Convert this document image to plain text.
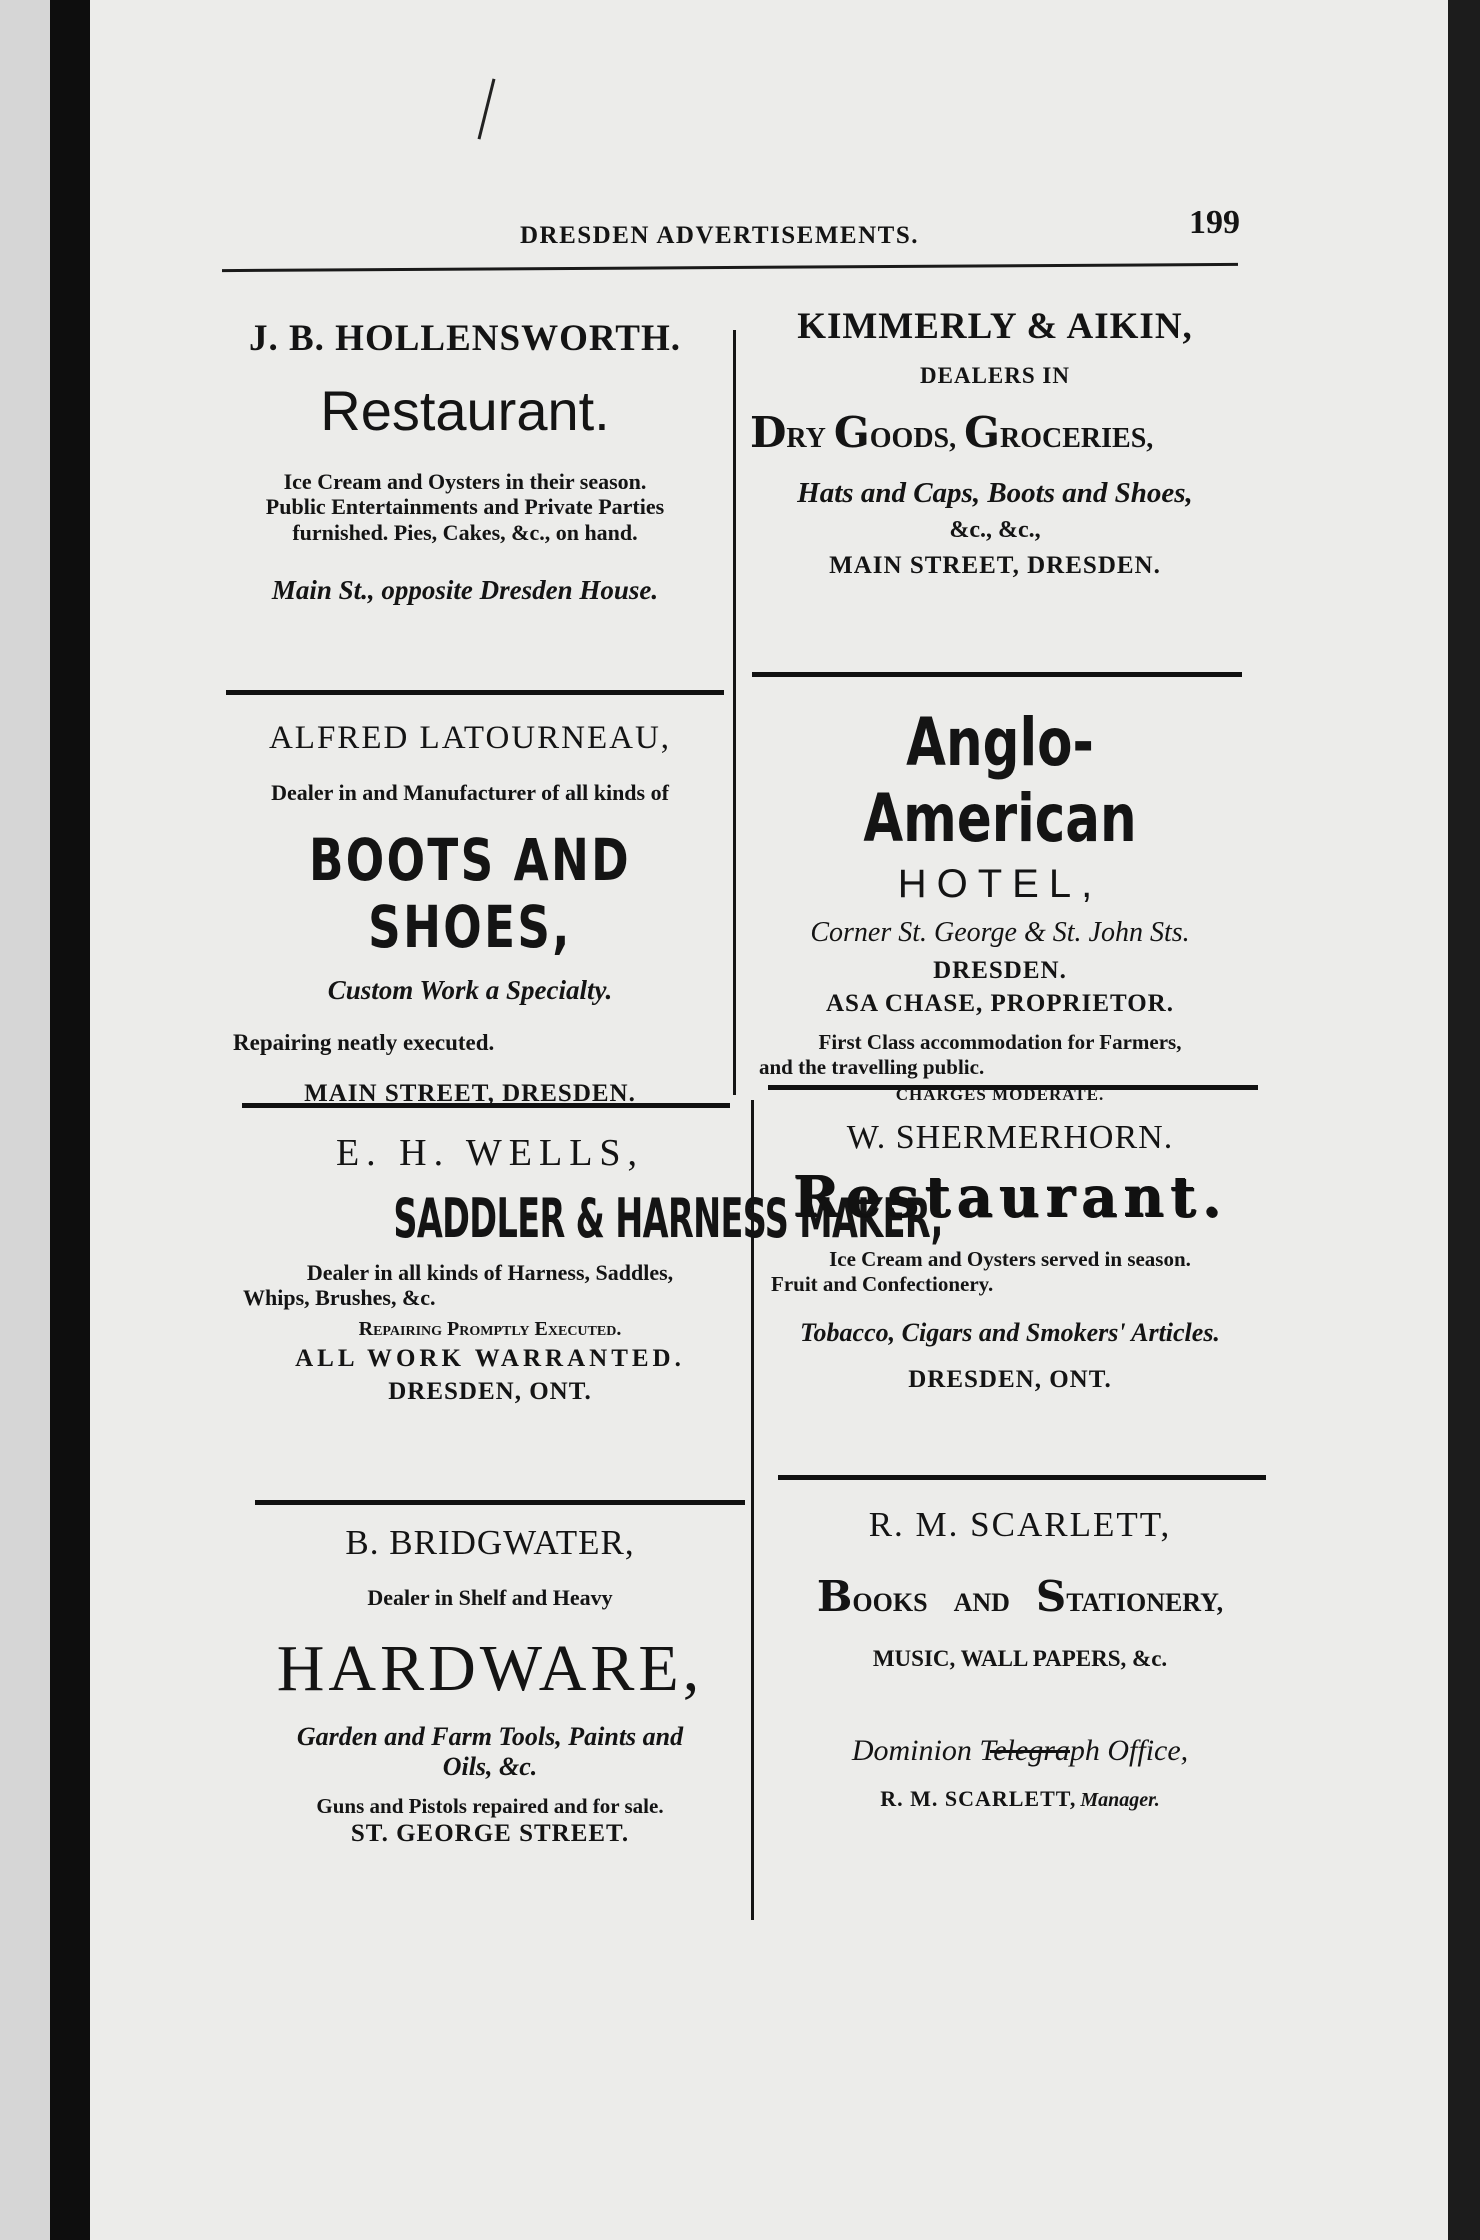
DRESDEN ADVERTISEMENTS.	199
J. B. HOLLENSWORTH.
Restaurant.
Ice Cream and Oysters in their season.
Public Entertainments and Private Parties
furnished. Pies, Cakes, &c., on hand.
Main St., opposite Dresden House.
KIMMERLY & AIKIN,
DEALERS IN
DRY GOODS, GROCERIES,
Hats and Caps, Boots and Shoes,
&c., &c.,
MAIN STREET, DRESDEN.
ALFRED LATOURNEAU,
Dealer in and Manufacturer of all kinds of
BOOTS AND SHOES,
Custom Work a Specialty.
Repairing neatly executed.
MAIN STREET, DRESDEN.
Anglo-American
HOTEL,
Corner St. George & St. John Sts.
DRESDEN.
ASA CHASE, PROPRIETOR.
First Class accommodation for Farmers,
and the travelling public.
CHARGES MODERATE.
E. H. WELLS,
SADDLER & HARNESS MAKER,
Dealer in all kinds of Harness, Saddles,
Whips, Brushes, &c.
Repairing Promptly Executed.
ALL WORK WARRANTED.
DRESDEN, ONT.
W. SHERMERHORN.
Restaurant.
Ice Cream and Oysters served in season.
Fruit and Confectionery.
Tobacco, Cigars and Smokers' Articles.
DRESDEN, ONT.
B. BRIDGWATER,
Dealer in Shelf and Heavy
HARDWARE,
Garden and Farm Tools, Paints and
Oils, &c.
Guns and Pistols repaired and for sale.
ST. GEORGE STREET.
R. M. SCARLETT,
BOOKS AND STATIONERY,
MUSIC, WALL PAPERS, &c.
Dominion Telegraph Office,
R. M. SCARLETT, Manager.
